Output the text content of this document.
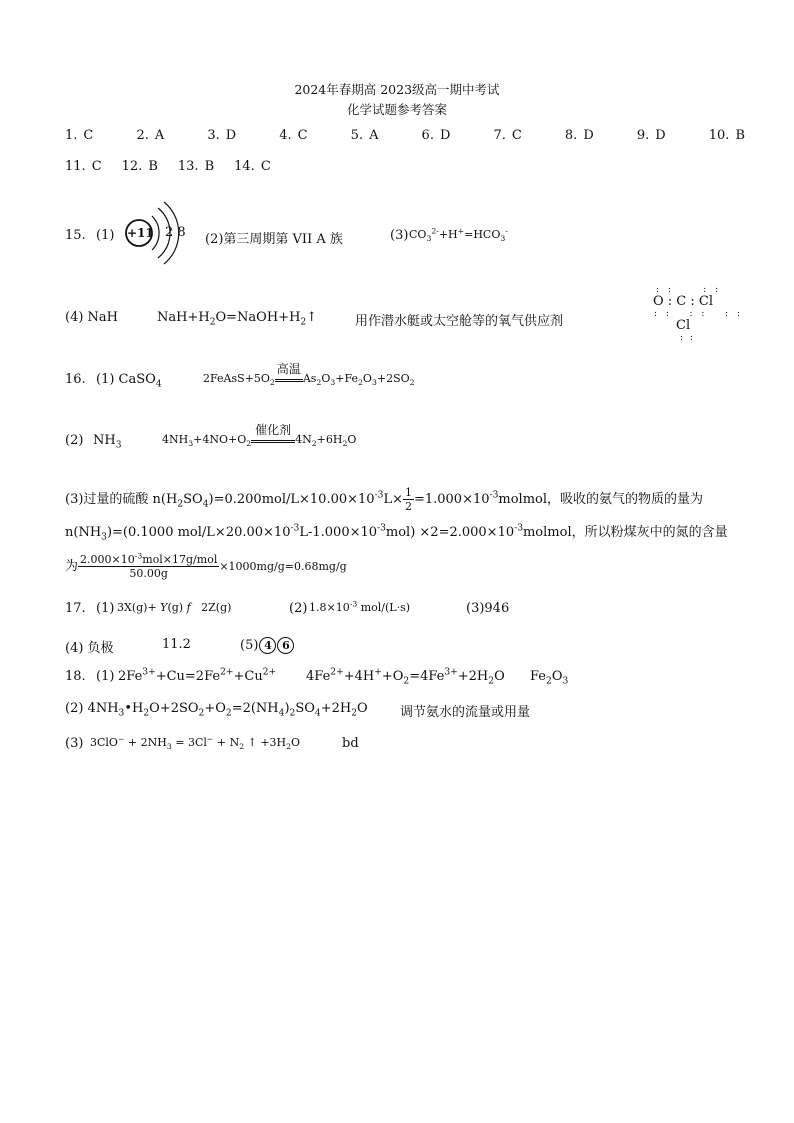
2024年春期高 2023级高一期中考试
化学试题参考答案
1. C	2. A	3. D	4. C	5. A	6. D	7. C	8. D	9. D	10. B
11. C 12. B 13. B 14. C
15. (1) +11 2 8 (2)第三周期第 VII A 族	(3) $CO_3^{2-}+H^+=HCO_3^-$
(4) NaH	$NaH+H_2O=NaOH+H_2↑$	用作潜水艇或太空舱等的氧气供应剂
: :     : :
O : C : Cl
: :   : :   : :
Cl
: :
16. (1) CaSO$_4$	$2FeAsS+5O_2$
高温
$As_2O_3+Fe_2O_3+2SO_2$
(2) $NH_3$	$4NH_3+4NO+O_2$
催化剂
$4N_2+6H_2O$
(3)过量的硫酸 $n(H_2SO_4)=0.200mol/L\times 10.00\times 10^{-3}L\times \frac{1}{2}$ $=1.000\times 10^{-3}molmol$，吸收的氨气的物质的量为
$n(NH_3)=(0.1000$ mol/$L\times 20.00\times 10^{-3}L-1.000\times 10^{-3}mol$) $\times 2=2.000\times 10^{-3}molmol$，所以粉煤灰中的氮的含量
为 $\frac{2.000\times 10^{-3}mol\times 17g/mol}{50.00g} \times 1000mg/g=0.68mg/g$
17. (1) 3X(g)+ Y(g) f   2Z(g)	(2) $1.8\times 10^{-3}$ mol/(L·s)	(3)946
(4) 负极	11.2	(5) 4 6
18. (1) $2Fe^{3+}+Cu=2Fe^{2+}+Cu^{2+}$ $4Fe^{2+}+4H^++O_2=4Fe^{3+}+2H_2O$ $Fe_2O_3$
(2) $4NH_3•H_2O+2SO_2+O_2=2(NH_4)_2SO_4+2H_2O$ 调节氨水的流量或用量
(3) $3ClO^- + 2NH_3 = 3Cl^- + N_2$ ↑ $+3H_2O$	bd
